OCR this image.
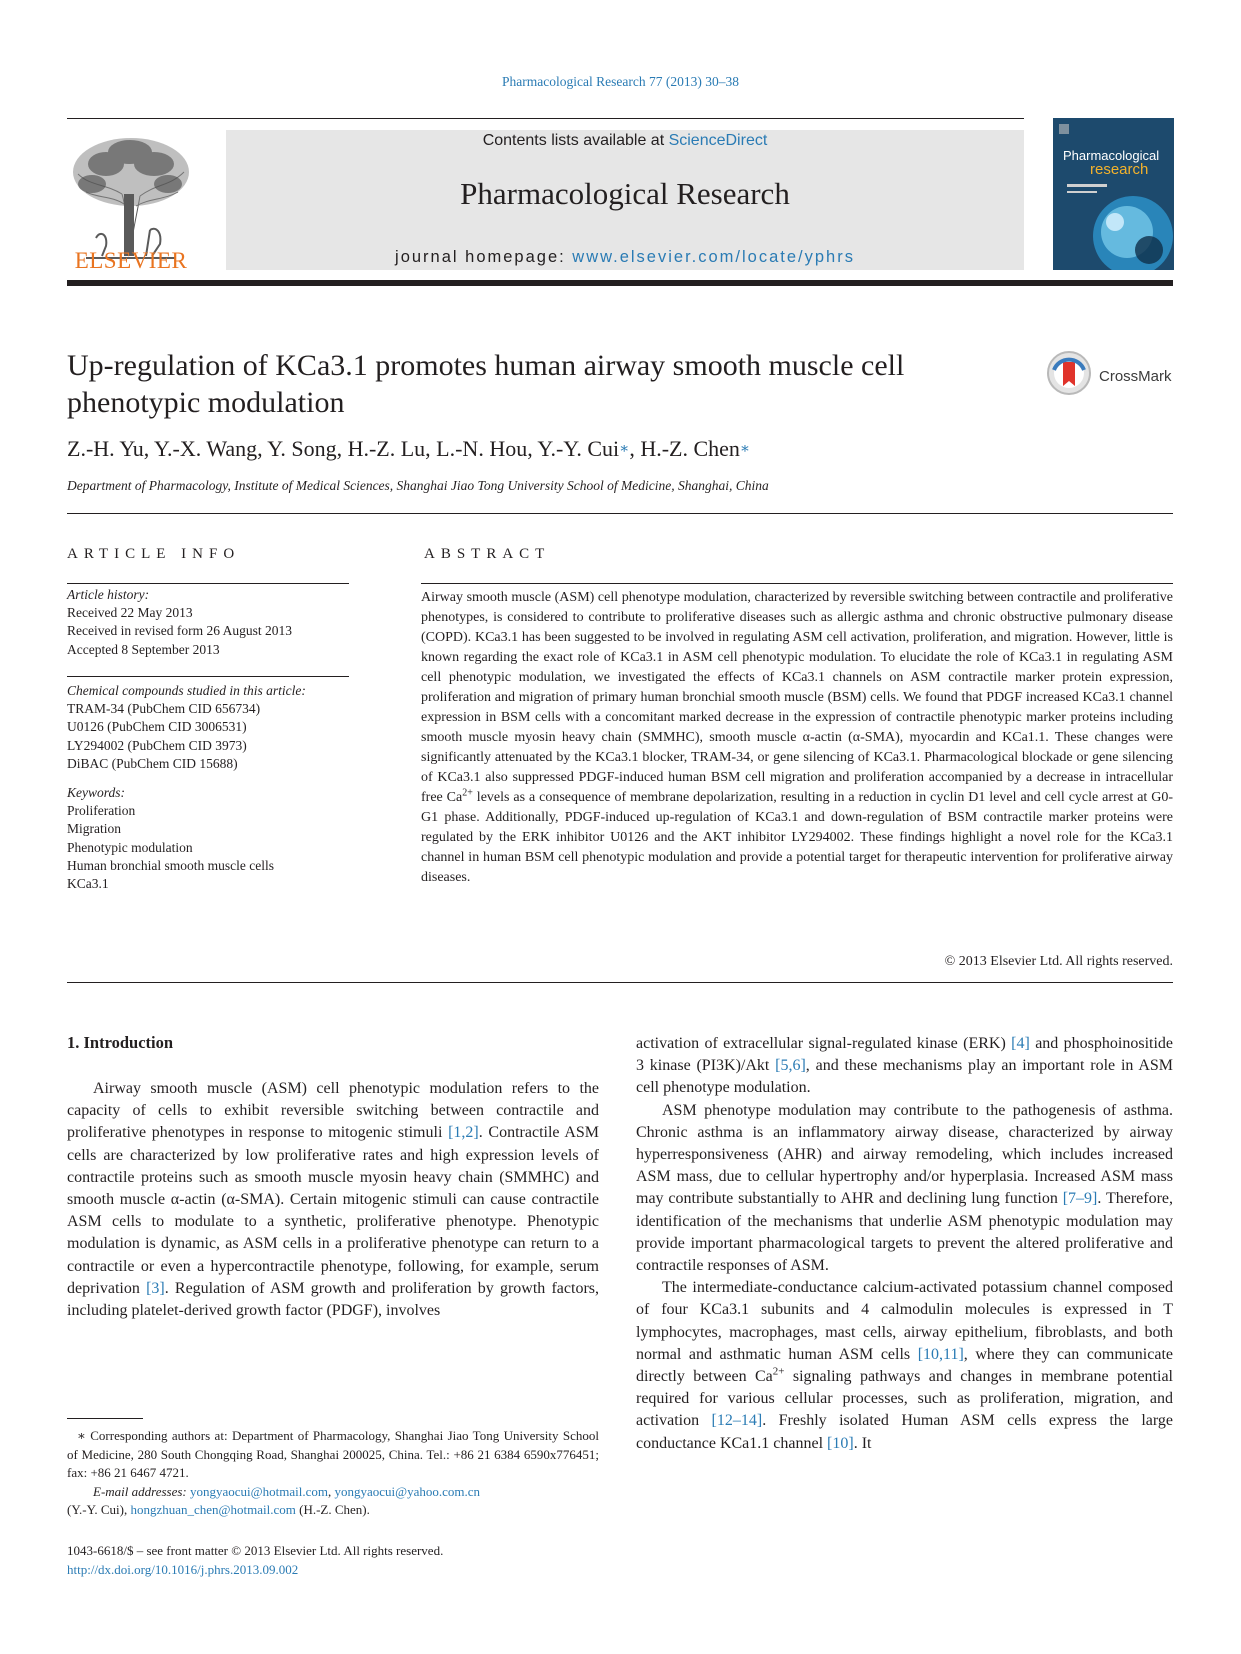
Pharmacological Research 77 (2013) 30–38
ELSEVIER
Contents lists available at ScienceDirect
Pharmacological Research
journal homepage: www.elsevier.com/locate/yphrs
Pharmacological
research
Up-regulation of KCa3.1 promotes human airway smooth muscle cell phenotypic modulation
CrossMark
Z.-H. Yu, Y.-X. Wang, Y. Song, H.-Z. Lu, L.-N. Hou, Y.-Y. Cui∗, H.-Z. Chen∗
Department of Pharmacology, Institute of Medical Sciences, Shanghai Jiao Tong University School of Medicine, Shanghai, China
ARTICLE INFO
Article history:
Received 22 May 2013
Received in revised form 26 August 2013
Accepted 8 September 2013
Chemical compounds studied in this article:
TRAM-34 (PubChem CID 656734)
U0126 (PubChem CID 3006531)
LY294002 (PubChem CID 3973)
DiBAC (PubChem CID 15688)
Keywords:
Proliferation
Migration
Phenotypic modulation
Human bronchial smooth muscle cells
KCa3.1
ABSTRACT
Airway smooth muscle (ASM) cell phenotype modulation, characterized by reversible switching between contractile and proliferative phenotypes, is considered to contribute to proliferative diseases such as allergic asthma and chronic obstructive pulmonary disease (COPD). KCa3.1 has been suggested to be involved in regulating ASM cell activation, proliferation, and migration. However, little is known regarding the exact role of KCa3.1 in ASM cell phenotypic modulation. To elucidate the role of KCa3.1 in regulating ASM cell phenotypic modulation, we investigated the effects of KCa3.1 channels on ASM contractile marker protein expression, proliferation and migration of primary human bronchial smooth muscle (BSM) cells. We found that PDGF increased KCa3.1 channel expression in BSM cells with a concomitant marked decrease in the expression of contractile phenotypic marker proteins including smooth muscle myosin heavy chain (SMMHC), smooth muscle α-actin (α-SMA), myocardin and KCa1.1. These changes were significantly attenuated by the KCa3.1 blocker, TRAM-34, or gene silencing of KCa3.1. Pharmacological blockade or gene silencing of KCa3.1 also suppressed PDGF-induced human BSM cell migration and proliferation accompanied by a decrease in intracellular free $Ca^{2+}$ levels as a consequence of membrane depolarization, resulting in a reduction in cyclin D1 level and cell cycle arrest at G0-G1 phase. Additionally, PDGF-induced up-regulation of KCa3.1 and down-regulation of BSM contractile marker proteins were regulated by the ERK inhibitor U0126 and the AKT inhibitor LY294002. These findings highlight a novel role for the KCa3.1 channel in human BSM cell phenotypic modulation and provide a potential target for therapeutic intervention for proliferative airway diseases.
© 2013 Elsevier Ltd. All rights reserved.
1. Introduction

Airway smooth muscle (ASM) cell phenotypic modulation refers to the capacity of cells to exhibit reversible switching between contractile and proliferative phenotypes in response to mitogenic stimuli [1,2]. Contractile ASM cells are characterized by low proliferative rates and high expression levels of contractile proteins such as smooth muscle myosin heavy chain (SMMHC) and smooth muscle α-actin (α-SMA). Certain mitogenic stimuli can cause contractile ASM cells to modulate to a synthetic, proliferative phenotype. Phenotypic modulation is dynamic, as ASM cells in a proliferative phenotype can return to a contractile or even a hypercontractile phenotype, following, for example, serum deprivation [3]. Regulation of ASM growth and proliferation by growth factors, including platelet-derived growth factor (PDGF), involves

activation of extracellular signal-regulated kinase (ERK) [4] and phosphoinositide 3 kinase (PI3K)/Akt [5,6], and these mechanisms play an important role in ASM cell phenotype modulation.

ASM phenotype modulation may contribute to the pathogenesis of asthma. Chronic asthma is an inflammatory airway disease, characterized by airway hyperresponsiveness (AHR) and airway remodeling, which includes increased ASM mass, due to cellular hypertrophy and/or hyperplasia. Increased ASM mass may contribute substantially to AHR and declining lung function [7–9]. Therefore, identification of the mechanisms that underlie ASM phenotypic modulation may provide important pharmacological targets to prevent the altered proliferative and contractile responses of ASM.

The intermediate-conductance calcium-activated potassium channel composed of four KCa3.1 subunits and 4 calmodulin molecules is expressed in T lymphocytes, macrophages, mast cells, airway epithelium, fibroblasts, and both normal and asthmatic human ASM cells [10,11], where they can communicate directly between $Ca^{2+}$ signaling pathways and changes in membrane potential required for various cellular processes, such as proliferation, migration, and activation [12–14]. Freshly isolated Human ASM cells express the large conductance KCa1.1 channel [10]. It

∗ Corresponding authors at: Department of Pharmacology, Shanghai Jiao Tong University School of Medicine, 280 South Chongqing Road, Shanghai 200025, China. Tel.: +86 21 6384 6590x776451; fax: +86 21 6467 4721.
E-mail addresses: yongyaocui@hotmail.com, yongyaocui@yahoo.com.cn
(Y.-Y. Cui), hongzhuan_chen@hotmail.com (H.-Z. Chen).
1043-6618/$ – see front matter © 2013 Elsevier Ltd. All rights reserved.
http://dx.doi.org/10.1016/j.phrs.2013.09.002
